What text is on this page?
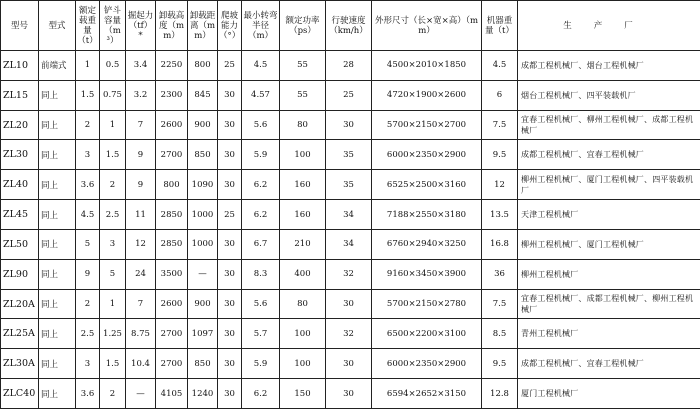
型号	型式	额定载重量（t）	铲斗容量（m³）	掘起力（tf）*	卸载高度（mm）	卸载距离（mm）	爬坡能力（°）	最小转弯半径（m）	额定功率（ps）	行驶速度（km/h）	外形尺寸（长×宽×高）（mm）	机器重量（t）	生产厂
ZL10	前端式	1	0.5	3.4	2250	800	25	4.5	55	28	4500×2010×1850	4.5	成都工程机械厂、烟台工程机械厂
ZL15	同上	1.5	0.75	3.2	2300	845	30	4.57	55	25	4720×1900×2600	6	烟台工程机械厂、四平装载机厂
ZL20	同上	2	1	7	2600	900	30	5.6	80	30	5700×2150×2700	7.5	宜春工程机械厂、柳州工程机械厂、成都工程机械厂
ZL30	同上	3	1.5	9	2700	850	30	5.9	100	35	6000×2350×2900	9.5	成都工程机械厂、宜春工程机械厂
ZL40	同上	3.6	2	9	800	1090	30	6.2	160	35	6525×2500×3160	12	柳州工程机械厂、厦门工程机械厂、四平装载机厂
ZL45	同上	4.5	2.5	11	2850	1000	25	6.2	160	34	7188×2550×3180	13.5	天津工程机械厂
ZL50	同上	5	3	12	2850	1000	30	6.7	210	34	6760×2940×3250	16.8	柳州工程机械厂、厦门工程机械厂
ZL90	同上	9	5	24	3500	—	30	8.3	400	32	9160×3450×3900	36	柳州工程机械厂
ZL20A	同上	2	1	7	2600	900	30	5.6	80	30	5700×2150×2780	7.5	宜春工程机械厂、成都工程机械厂、柳州工程机械厂
ZL25A	同上	2.5	1.25	8.75	2700	1097	30	5.7	100	32	6500×2200×3100	8.5	青州工程机械厂
ZL30A	同上	3	1.5	10.4	2700	850	30	5.9	100	30	6000×2350×2900	9.5	成都工程机械厂、宜春工程机械厂
ZLC40	同上	3.6	2	—	4105	1240	30	6.2	150	30	6594×2652×3150	12.8	厦门工程机械厂
